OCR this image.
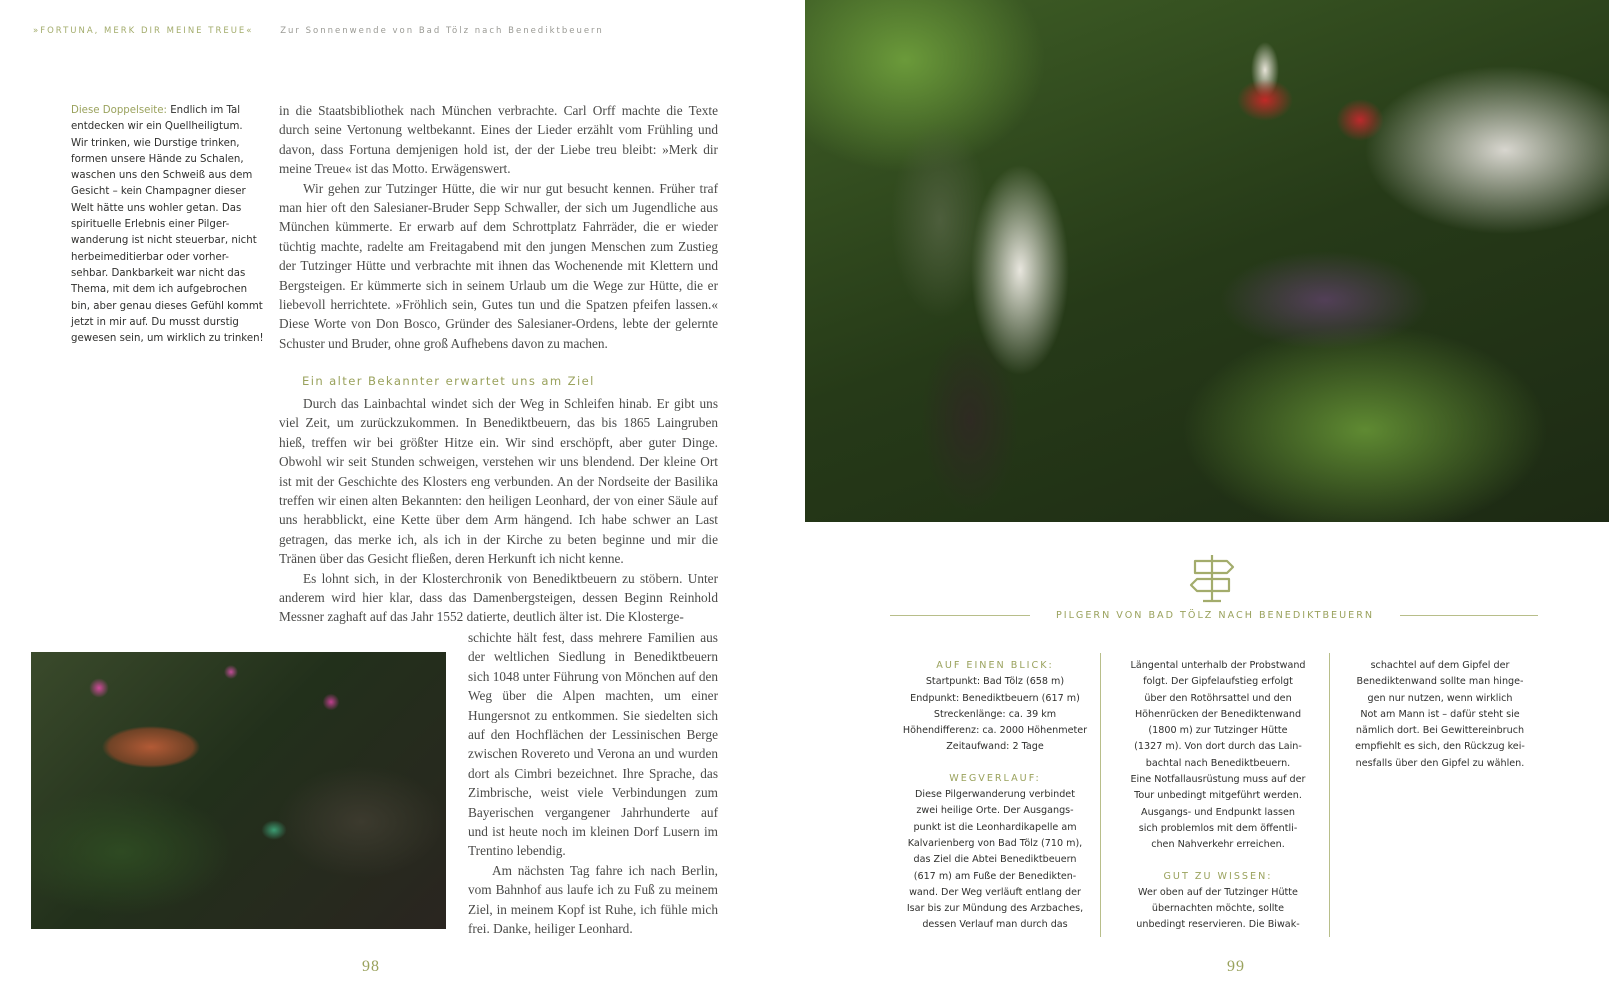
»FORTUNA, MERK DIR MEINE TREUE«	Zur Sonnenwende von Bad Tölz nach Benediktbeuern
Diese Doppelseite: Endlich im Tal
entdecken wir ein Quellheiligtum.
Wir trinken, wie Durstige trinken,
formen unsere Hände zu Schalen,
waschen uns den Schweiß aus dem
Gesicht – kein Champagner dieser
Welt hätte uns wohler getan. Das
spirituelle Erlebnis einer Pilger-
wanderung ist nicht steuerbar, nicht
herbeimeditierbar oder vorher-
sehbar. Dankbarkeit war nicht das
Thema, mit dem ich aufgebrochen
bin, aber genau dieses Gefühl kommt
jetzt in mir auf. Du musst durstig
gewesen sein, um wirklich zu trinken!

in die Staatsbibliothek nach München verbrachte. Carl Orff machte die Texte durch seine Vertonung weltbekannt. Eines der Lieder erzählt vom Frühling und davon, dass Fortuna demjenigen hold ist, der der Liebe treu bleibt: »Merk dir meine Treue« ist das Motto. Erwägenswert.

Wir gehen zur Tutzinger Hütte, die wir nur gut besucht kennen. Früher traf man hier oft den Salesianer-Bruder Sepp Schwaller, der sich um Jugendliche aus München kümmerte. Er erwarb auf dem Schrottplatz Fahrräder, die er wieder tüchtig machte, radelte am Freitagabend mit den jungen Menschen zum Zustieg der Tutzinger Hütte und verbrachte mit ihnen das Wochenende mit Klettern und Bergsteigen. Er kümmerte sich in seinem Urlaub um die Wege zur Hütte, die er liebevoll herrichtete. »Fröhlich sein, Gutes tun und die Spatzen pfeifen lassen.« Diese Worte von Don Bosco, Gründer des Salesianer-Ordens, lebte der gelernte Schuster und Bruder, ohne groß Aufhebens davon zu machen.

Ein alter Bekannter erwartet uns am Ziel

Durch das Lainbachtal windet sich der Weg in Schleifen hinab. Er gibt uns viel Zeit, um zurückzukommen. In Benediktbeuern, das bis 1865 Laingruben hieß, treffen wir bei größter Hitze ein. Wir sind erschöpft, aber guter Dinge. Obwohl wir seit Stunden schweigen, verstehen wir uns blendend. Der kleine Ort ist mit der Geschichte des Klosters eng verbunden. An der Nordseite der Basilika treffen wir einen alten Bekannten: den heiligen Leonhard, der von einer Säule auf uns herabblickt, eine Kette über dem Arm hängend. Ich habe schwer an Last getragen, das merke ich, als ich in der Kirche zu beten beginne und mir die Tränen über das Gesicht fließen, deren Herkunft ich nicht kenne.

Es lohnt sich, in der Klosterchronik von Benediktbeuern zu stöbern. Unter anderem wird hier klar, dass das Damenbergsteigen, dessen Beginn Reinhold Messner zaghaft auf das Jahr 1552 datierte, deutlich älter ist. Die Klosterge-

schichte hält fest, dass mehrere Familien aus der weltlichen Siedlung in Benediktbeuern sich 1048 unter Führung von Mönchen auf den Weg über die Alpen machten, um einer Hungersnot zu entkommen. Sie siedelten sich auf den Hochflächen der Lessinischen Berge zwischen Rovereto und Verona an und wurden dort als Cimbri bezeichnet. Ihre Sprache, das Zimbrische, weist viele Verbindungen zum Bayerischen vergangener Jahrhunderte auf und ist heute noch im kleinen Dorf Lusern im Trentino lebendig.

Am nächsten Tag fahre ich nach Berlin, vom Bahnhof aus laufe ich zu Fuß zu meinem Ziel, in meinem Kopf ist Ruhe, ich fühle mich frei. Danke, heiliger Leonhard.

98	99
PILGERN VON BAD TÖLZ NACH BENEDIKTBEUERN
AUF EINEN BLICK:
Startpunkt: Bad Tölz (658 m)
Endpunkt: Benediktbeuern (617 m)
Streckenlänge: ca. 39 km
Höhendifferenz: ca. 2000 Höhenmeter
Zeitaufwand: 2 Tage
WEGVERLAUF:
Diese Pilgerwanderung verbindet
zwei heilige Orte. Der Ausgangs-
punkt ist die Leonhardikapelle am
Kalvarienberg von Bad Tölz (710 m),
das Ziel die Abtei Benediktbeuern
(617 m) am Fuße der Benedikten-
wand. Der Weg verläuft entlang der
Isar bis zur Mündung des Arzbaches,
dessen Verlauf man durch das
Längental unterhalb der Probstwand
folgt. Der Gipfelaufstieg erfolgt
über den Rotöhrsattel und den
Höhenrücken der Benediktenwand
(1800 m) zur Tutzinger Hütte
(1327 m). Von dort durch das Lain-
bachtal nach Benediktbeuern.
Eine Notfallausrüstung muss auf der
Tour unbedingt mitgeführt werden.
Ausgangs- und Endpunkt lassen
sich problemlos mit dem öffentli-
chen Nahverkehr erreichen.
GUT ZU WISSEN:
Wer oben auf der Tutzinger Hütte
übernachten möchte, sollte
unbedingt reservieren. Die Biwak-
schachtel auf dem Gipfel der
Benediktenwand sollte man hinge-
gen nur nutzen, wenn wirklich
Not am Mann ist – dafür steht sie
nämlich dort. Bei Gewittereinbruch
empfiehlt es sich, den Rückzug kei-
nesfalls über den Gipfel zu wählen.
